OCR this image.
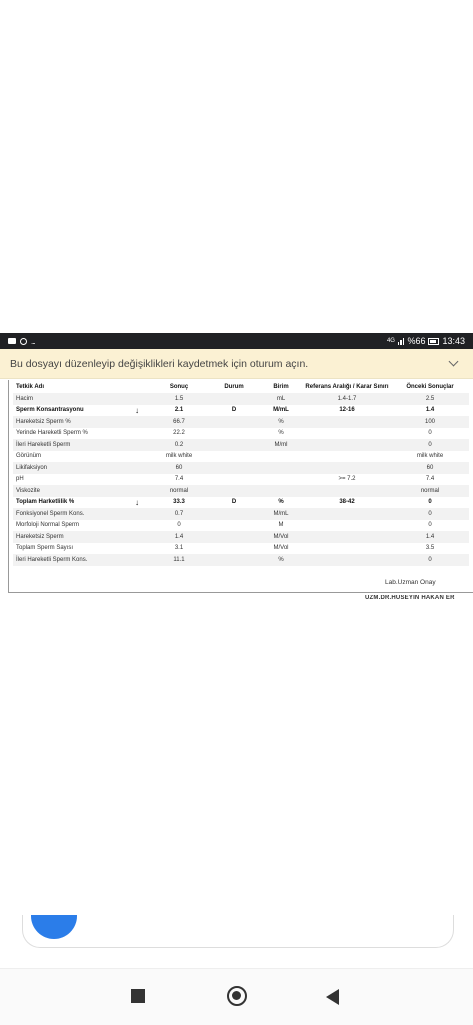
...	4G %66 13:43
Bu dosyayı düzenleyip değişiklikleri kaydetmek için oturum açın.
Tetkik Adı		Sonuç	Durum	Birim	Referans Aralığı / Karar Sınırı	Önceki Sonuçlar
Hacim		1.5		mL	1.4-1.7	2.5
Sperm Konsantrasyonu	↓	2.1	D	M/mL	12-16	1.4
Hareketsiz Sperm %		66.7		%		100
Yerinde Hareketli Sperm %		22.2		%		0
İleri Hareketli Sperm		0.2		M/ml		0
Görünüm		milk white				milk white
Likifaksiyon		60				60
pH		7.4			>= 7.2	7.4
Viskozite		normal				normal
Toplam Harketlilik %	↓	33.3	D	%	38-42	0
Fonksiyonel Sperm Kons.		0.7		M/mL		0
Morfoloji Normal Sperm		0		M		0
Hareketsiz Sperm		1.4		M/Vol		1.4
Toplam Sperm Sayısı		3.1		M/Vol		3.5
İleri Hareketli Sperm Kons.		11.1		%		0
Lab.Uzman Onay
UZM.DR.HÜSEYİN HAKAN ER
